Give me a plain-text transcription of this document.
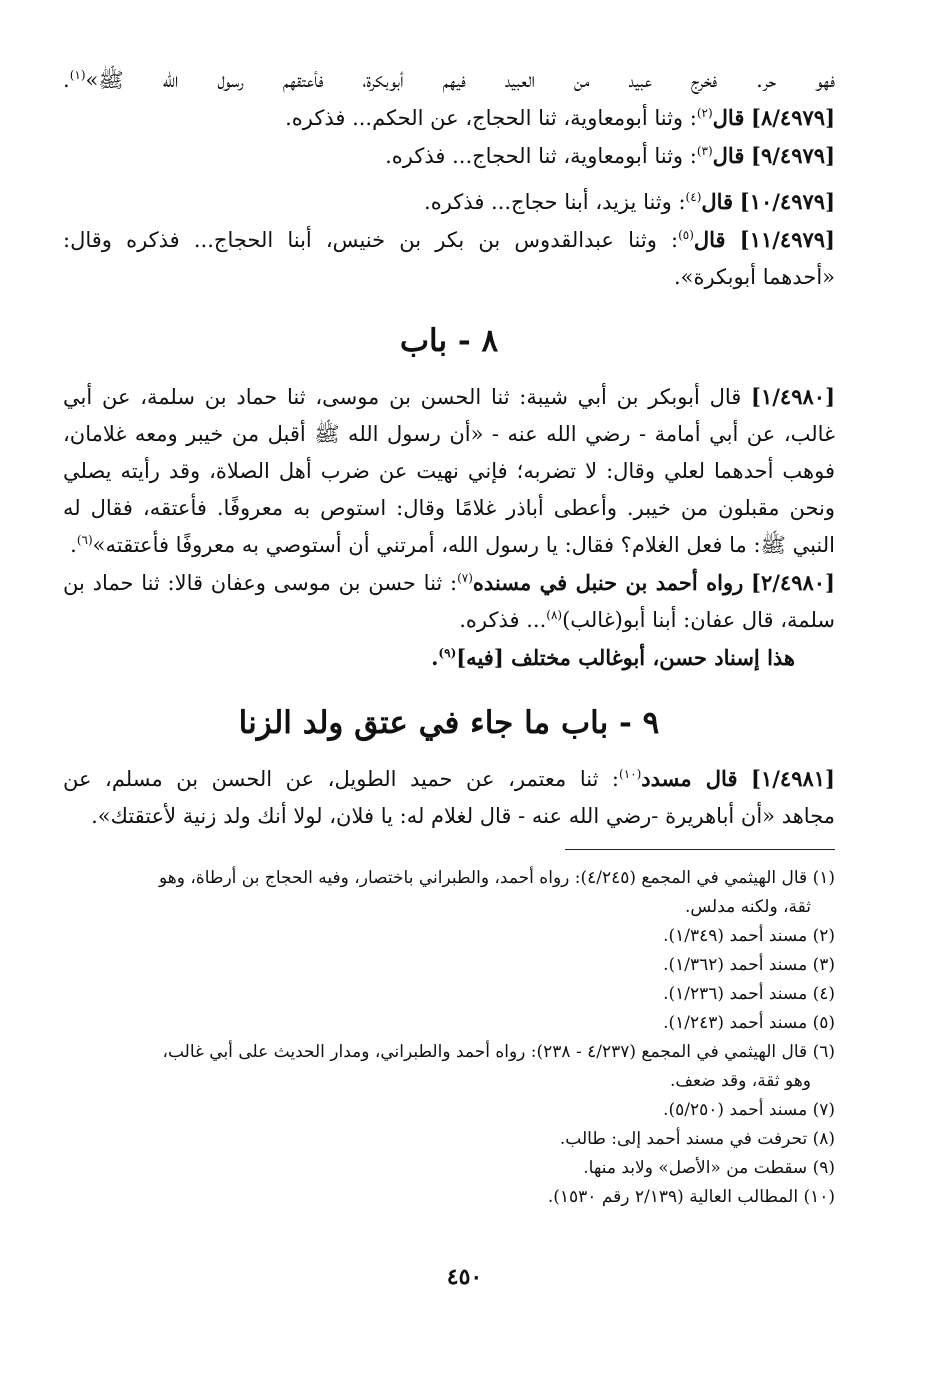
فهو حر. فخرج عبيد من العبيد فيهم أبوبكرة، فأعتقهم رسول الله ﷺ»$^{(١)}$.

[٨/٤٩٧٩] قال$^{(٢)}$: وثنا أبومعاوية، ثنا الحجاج، عن الحكم... فذكره.

[٩/٤٩٧٩] قال$^{(٣)}$: وثنا أبومعاوية، ثنا الحجاج... فذكره.

[١٠/٤٩٧٩] قال$^{(٤)}$: وثنا يزيد، أبنا حجاج... فذكره.

[١١/٤٩٧٩] قال$^{(٥)}$: وثنا عبدالقدوس بن بكر بن خنيس، أبنا الحجاج... فذكره وقال:

«أحدهما أبوبكرة».

٨ - باب

[١/٤٩٨٠] قال أبوبكر بن أبي شيبة: ثنا الحسن بن موسى، ثنا حماد بن سلمة، عن أبي

غالب، عن أبي أمامة - رضي الله عنه - «أن رسول الله ﷺ أقبل من خيبر ومعه غلامان،

فوهب أحدهما لعلي وقال: لا تضربه؛ فإني نهيت عن ضرب أهل الصلاة، وقد رأيته يصلي

ونحن مقبلون من خيبر. وأعطى أباذر غلامًا وقال: استوص به معروفًا. فأعتقه، فقال له

النبي ﷺ: ما فعل الغلام؟ فقال: يا رسول الله، أمرتني أن أستوصي به معروفًا فأعتقته»$^{(٦)}$.

[٢/٤٩٨٠] رواه أحمد بن حنبل في مسنده$^{(٧)}$: ثنا حسن بن موسى وعفان قالا: ثنا حماد بن

سلمة، قال عفان: أبنا أبو(غالب)$^{(٨)}$... فذكره.

هذا إسناد حسن، أبوغالب مختلف [فيه]$^{(٩)}$.

٩ - باب ما جاء في عتق ولد الزنا

[١/٤٩٨١] قال مسدد$^{(١٠)}$: ثنا معتمر، عن حميد الطويل، عن الحسن بن مسلم، عن

مجاهد «أن أباهريرة -رضي الله عنه - قال لغلام له: يا فلان، لولا أنك ولد زنية لأعتقتك».

(١) قال الهيثمي في المجمع (٤/٢٤٥): رواه أحمد، والطبراني باختصار، وفيه الحجاج بن أرطاة، وهو

ثقة، ولكنه مدلس.

(٢) مسند أحمد (١/٣٤٩).

(٣) مسند أحمد (١/٣٦٢).

(٤) مسند أحمد (١/٢٣٦).

(٥) مسند أحمد (١/٢٤٣).

(٦) قال الهيثمي في المجمع (٤/٢٣٧ - ٢٣٨): رواه أحمد والطبراني، ومدار الحديث على أبي غالب،

وهو ثقة، وقد ضعف.

(٧) مسند أحمد (٥/٢٥٠).

(٨) تحرفت في مسند أحمد إلى: طالب.

(٩) سقطت من «الأصل» ولابد منها.

(١٠) المطالب العالية (٢/١٣٩ رقم ١٥٣٠).

٤٥٠
